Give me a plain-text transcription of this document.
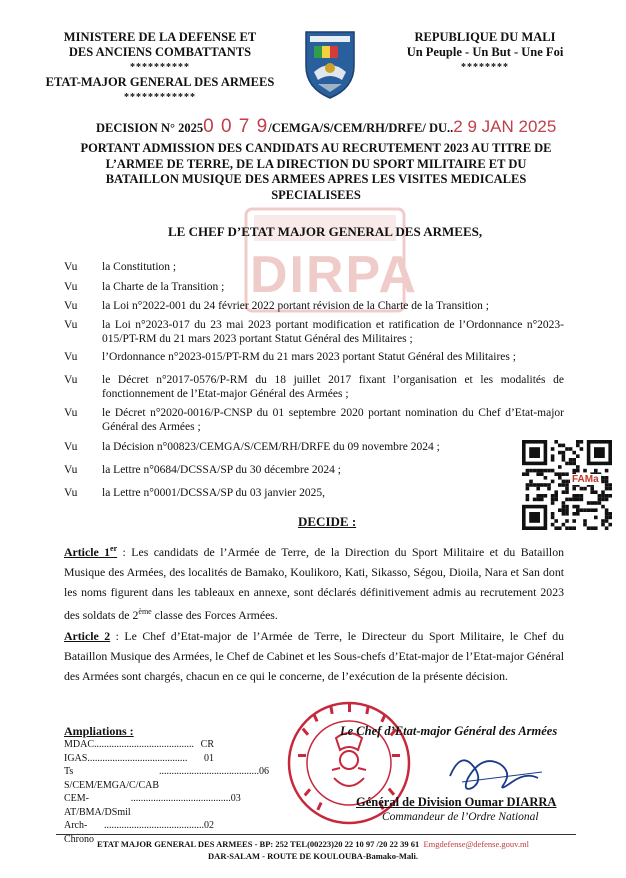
MINISTERE DE LA DEFENSE ET
DES ANCIENS COMBATTANTS
**********
ETAT-MAJOR GENERAL DES ARMEES
************
REPUBLIQUE DU MALI
Un Peuple - Un But - Une Foi
********
DECISION N° 20250 0 7 9/CEMGA/S/CEM/RH/DRFE/ DU..2 9 JAN 2025
PORTANT ADMISSION DES CANDIDATS AU RECRUTEMENT 2023 AU TITRE DE
L’ARMEE DE TERRE, DE LA DIRECTION DU SPORT MILITAIRE ET DU
BATAILLON MUSIQUE DES ARMEES APRES LES VISITES MEDICALES
SPECIALISEES
DIRPA
LE CHEF D’ETAT MAJOR GENERAL DES ARMEES,
Vu la Constitution ;
Vu la Charte de la Transition ;
Vu la Loi n°2022-001 du 24 février 2022 portant révision de la Charte de la Transition ;
Vu la Loi n°2023-017 du 23 mai 2023 portant modification et ratification de l’Ordonnance n°2023-015/PT-RM du 21 mars 2023 portant Statut Général des Militaires ;
Vu l’Ordonnance n°2023-015/PT-RM du 21 mars 2023 portant Statut Général des Militaires ;
Vu le Décret n°2017-0576/P-RM du 18 juillet 2017 fixant l’organisation et les modalités de fonctionnement de l’Etat-major Général des Armées ;
Vu le Décret n°2020-0016/P-CNSP du 01 septembre 2020 portant nomination du Chef d’Etat-major Général des Armées ;
Vu la Décision n°00823/CEMGA/S/CEM/RH/DRFE du 09 novembre 2024 ;
Vu la Lettre n°0684/DCSSA/SP du 30 décembre 2024 ;
Vu la Lettre n°0001/DCSSA/SP du 03 janvier 2025,
FAMa
DECIDE :
Article 1er : Les candidats de l’Armée de Terre, de la Direction du Sport Militaire et du Bataillon Musique des Armées, des localités de Bamako, Koulikoro, Kati, Sikasso, Ségou, Dioila, Nara et San dont les noms figurent dans les tableaux en annexe, sont déclarés définitivement admis au recrutement 2023 des soldats de 2ème classe des Forces Armées.
Article 2 : Le Chef d’Etat-major de l’Armée de Terre, le Directeur du Sport Militaire, le Chef du Bataillon Musique des Armées, le Chef de Cabinet et les Sous-chefs d’Etat-major de l’Etat-major Général des Armées sont chargés, chacun en ce qui le concerne, de l’exécution de la présente décision.
Ampliations :
MDAC ........................................ CR
IGAS ........................................	01
Ts S/CEM/EMGA/C/CAB
........................................ 06
CEM-AT/BMA/DSmil
........................................ 03
Arch-Chrono
........................................ 02
Le Chef d’Etat-major Général des Armées
Général de Division Oumar DIARRA
Commandeur de l’Ordre National
ETAT MAJOR GENERAL DES ARMEES - BP: 252 TEL(00223)20 22 10 97 /20 22 39 61 Emgdefense@defense.gouv.ml
DAR-SALAM - ROUTE DE KOULOUBA-Bamako-Mali.
